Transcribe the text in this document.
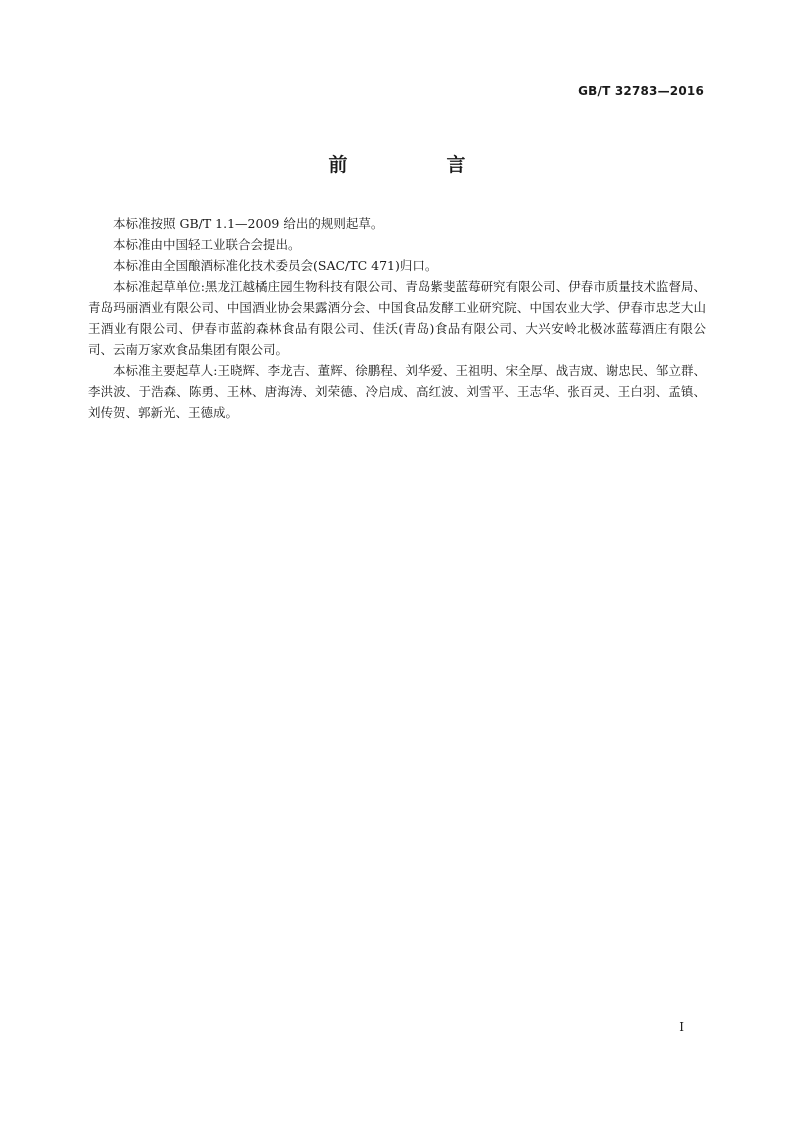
GB/T 32783—2016
前　言

本标准按照 GB/T 1.1—2009 给出的规则起草。

本标准由中国轻工业联合会提出。

本标准由全国酿酒标准化技术委员会(SAC/TC 471)归口。

本标准起草单位:黑龙江越橘庄园生物科技有限公司、青岛紫斐蓝莓研究有限公司、伊春市质量技术监督局、青岛玛丽酒业有限公司、中国酒业协会果露酒分会、中国食品发酵工业研究院、中国农业大学、伊春市忠芝大山王酒业有限公司、伊春市蓝韵森林食品有限公司、佳沃(青岛)食品有限公司、大兴安岭北极冰蓝莓酒庄有限公司、云南万家欢食品集团有限公司。

本标准主要起草人:王晓辉、李龙吉、董辉、徐鹏程、刘华爱、王祖明、宋全厚、战吉宬、谢忠民、邹立群、李洪波、于浩森、陈勇、王林、唐海涛、刘荣德、冷启成、高红波、刘雪平、王志华、张百灵、王白羽、孟镇、刘传贺、郭新光、王德成。

I
